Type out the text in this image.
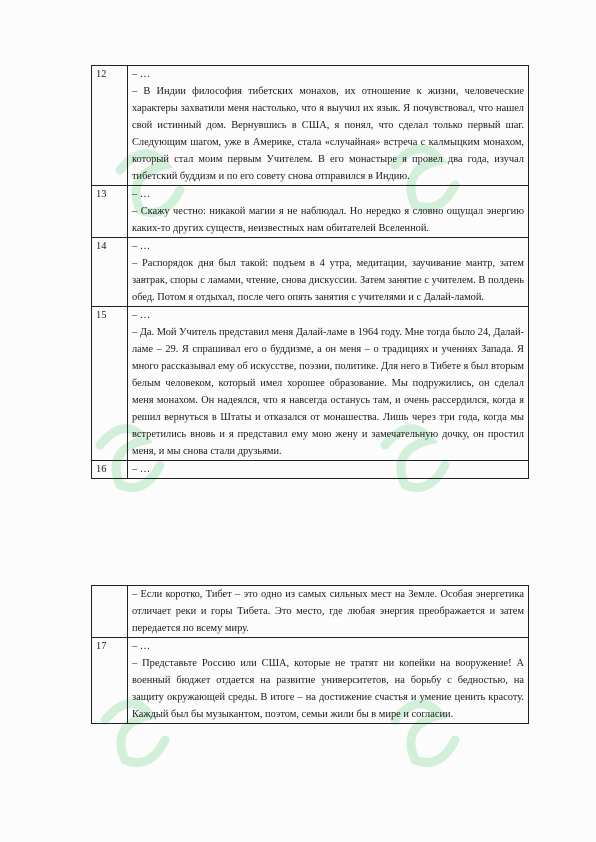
12	– …

– В Индии философия тибетских монахов, их отношение к жизни, человеческие характеры захватили меня настолько, что я выучил их язык. Я почувствовал, что нашел свой истинный дом. Вернувшись в США, я понял, что сделал только первый шаг. Следующим шагом, уже в Америке, стала «случайная» встреча с калмыцким монахом, который стал моим первым Учителем. В его монастыре я провел два года, изучал тибетский буддизм и по его совету снова отправился в Индию.

13	– …

– Скажу честно: никакой магии я не наблюдал. Но нередко я словно ощущал энергию каких-то других существ, неизвестных нам обитателей Вселенной.

14	– …

– Распорядок дня был такой: подъем в 4 утра, медитации, заучивание мантр, затем завтрак, споры с ламами, чтение, снова дискуссии. Затем занятие с учителем. В полдень обед. Потом я отдыхал, после чего опять занятия с учителями и с Далай-ламой.

15	– …

– Да. Мой Учитель представил меня Далай-ламе в 1964 году. Мне тогда было 24, Далай-ламе – 29. Я спрашивал его о буддизме, а он меня – о традициях и учениях Запада. Я много рассказывал ему об искусстве, поэзии, политике. Для него в Тибете я был вторым белым человеком, который имел хорошее образование. Мы подружились, он сделал меня монахом. Он надеялся, что я навсегда останусь там, и очень рассердился, когда я решил вернуться в Штаты и отказался от монашества. Лишь через три года, когда мы встретились вновь и я представил ему мою жену и замечательную дочку, он простил меня, и мы снова стали друзьями.

16	– …

	– Если коротко, Тибет – это одно из самых сильных мест на Земле. Особая энергетика отличает реки и горы Тибета. Это место, где любая энергия преображается и затем передается по всему миру.

17	– …

– Представьте Россию или США, которые не тратят ни копейки на вооружение! А военный бюджет отдается на развитие университетов, на борьбу с бедностью, на защиту окружающей среды. В итоге – на достижение счастья и умение ценить красоту. Каждый был бы музыкантом, поэтом, семьи жили бы в мире и согласии.
